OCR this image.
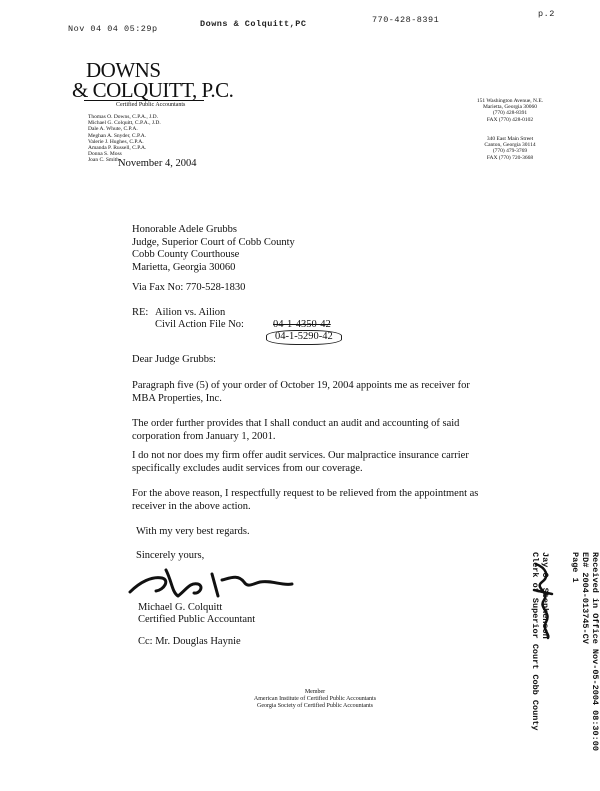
Nov 04 04 05:29p	Downs & Colquitt,PC	770-428-8391
p.2
DOWNS
& COLQUITT, P.C.
Certified Public Accountants
Thomas O. Downs, C.P.A., J.D.
Michael G. Colquitt, C.P.A., J.D.
Dale A. Whute, C.P.A.
Meghan A. Snyder, C.P.A.
Valerie J. Hughes, C.P.A.
Amanda P. Russell, C.P.A.
Donna S. Moss
Joan C. Smith
November 4, 2004
151 Washington Avenue, N.E.
Marietta, Georgia 30060
(770) 428-8391
FAX (770) 428-0102
340 East Main Street
Canton, Georgia 30114
(770) 479-3769
FAX (770) 720-3668
Honorable Adele Grubbs
Judge, Superior Court of Cobb County
Cobb County Courthouse
Marietta, Georgia 30060
Via Fax No: 770-528-1830
RE: Ailion vs. Ailion
Civil Action File No:	04-1-4350-42
04-1-5290-42
Dear Judge Grubbs:
Paragraph five (5) of your order of October 19, 2004 appoints me as receiver for MBA Properties, Inc.
The order further provides that I shall conduct an audit and accounting of said corporation from January 1, 2001.
I do not nor does my firm offer audit services. Our malpractice insurance carrier specifically excludes audit services from our coverage.
For the above reason, I respectfully request to be relieved from the appointment as receiver in the above action.
With my very best regards.
Sincerely yours,
Michael G. Colquitt
Certified Public Accountant
Cc: Mr. Douglas Haynie
Member
American Institute of Certified Public Accountants
Georgia Society of Certified Public Accountants	Received in Office Nov-05-2004 08:30:00
ED# 2004-013745-CV
Page 1
Jay C. Stephenson
Clerk of Superior Court Cobb County
